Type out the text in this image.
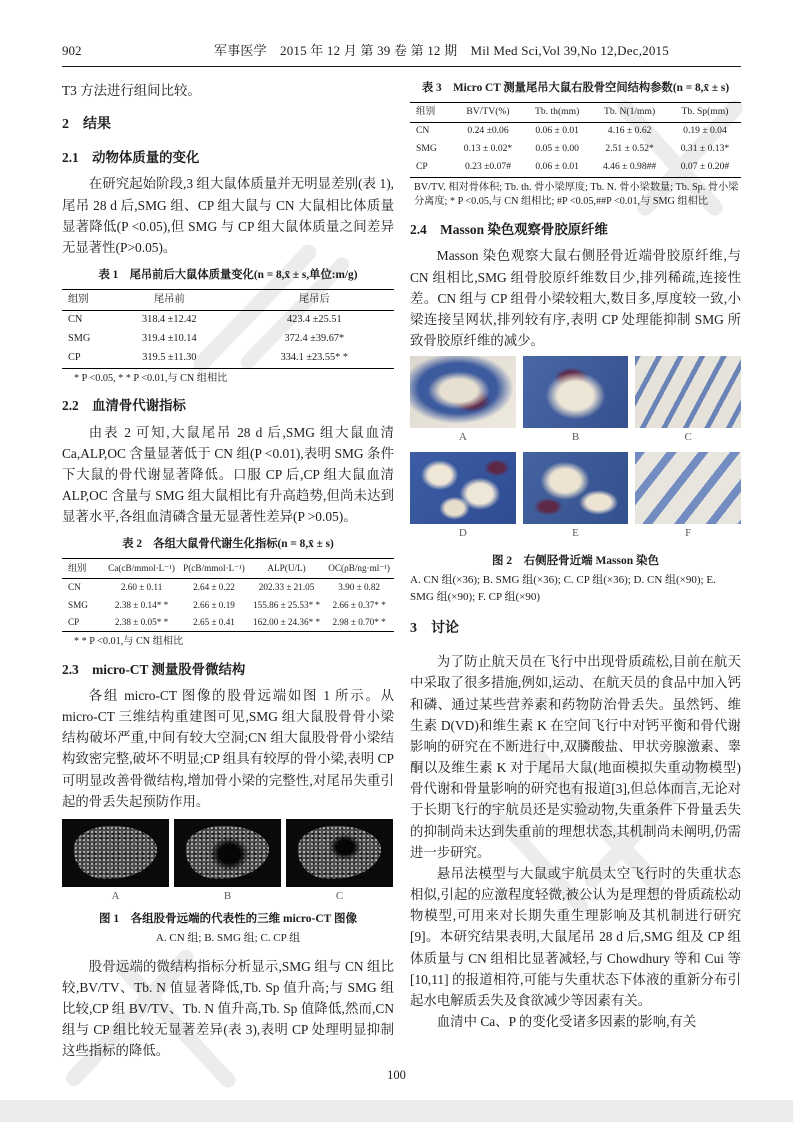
902	军事医学　2015 年 12 月 第 39 卷 第 12 期　Mil Med Sci,Vol 39,No 12,Dec,2015

T3 方法进行组间比较。

2　结果
2.1　动物体质量的变化

在研究起始阶段,3 组大鼠体质量并无明显差别(表 1),尾吊 28 d 后,SMG 组、CP 组大鼠与 CN 大鼠相比体质量显著降低(P <0.05),但 SMG 与 CP 组大鼠体质量之间差异无显著性(P>0.05)。

表 1　尾吊前后大鼠体质量变化(n = 8,x̄ ± s,单位:m/g)
组别	尾吊前	尾吊后
CN	318.4 ±12.42	423.4 ±25.51
SMG	319.4 ±10.14	372.4 ±39.67*
CP	319.5 ±11.30	334.1 ±23.55* *
* P <0.05, * * P <0.01,与 CN 组相比
2.2　血清骨代谢指标

由表 2 可知,大鼠尾吊 28 d 后,SMG 组大鼠血清 Ca,ALP,OC 含量显著低于 CN 组(P <0.01),表明 SMG 条件下大鼠的骨代谢显著降低。口服 CP 后,CP 组大鼠血清 ALP,OC 含量与 SMG 组大鼠相比有升高趋势,但尚未达到显著水平,各组血清磷含量无显著性差异(P >0.05)。

表 2　各组大鼠骨代谢生化指标(n = 8,x̄ ± s)
组别	Ca(cB/mmol·L⁻¹)	P(cB/mmol·L⁻¹)	ALP(U/L)	OC(ρB/ng·ml⁻¹)
CN	2.60 ± 0.11	2.64 ± 0.22	202.33 ± 21.05	3.90 ± 0.82
SMG	2.38 ± 0.14* *	2.66 ± 0.19	155.86 ± 25.53* *	2.66 ± 0.37* *
CP	2.38 ± 0.05* *	2.65 ± 0.41	162.00 ± 24.36* *	2.98 ± 0.70* *
* * P <0.01,与 CN 组相比
2.3　micro-CT 测量股骨微结构

各组 micro-CT 图像的股骨远端如图 1 所示。从 micro-CT 三维结构重建图可见,SMG 组大鼠股骨骨小梁结构破坏严重,中间有较大空洞;CN 组大鼠股骨骨小梁结构致密完整,破坏不明显;CP 组具有较厚的骨小梁,表明 CP 可明显改善骨微结构,增加骨小梁的完整性,对尾吊失重引起的骨丢失起预防作用。

A	B	C
图 1　各组股骨远端的代表性的三维 micro-CT 图像
A. CN 组; B. SMG 组; C. CP 组

股骨远端的微结构指标分析显示,SMG 组与 CN 组比较,BV/TV、Tb. N 值显著降低,Tb. Sp 值升高;与 SMG 组比较,CP 组 BV/TV、Tb. N 值升高,Tb. Sp 值降低,然而,CN 组与 CP 组比较无显著差异(表 3),表明 CP 处理明显抑制这些指标的降低。

表 3　Micro CT 测量尾吊大鼠右股骨空间结构参数(n = 8,x̄ ± s)
组别	BV/TV(%)	Tb. th(mm)	Tb. N(1/mm)	Tb. Sp(mm)
CN	0.24 ±0.06	0.06 ± 0.01	4.16 ± 0.62	0.19 ± 0.04
SMG	0.13 ± 0.02*	0.05 ± 0.00	2.51 ± 0.52*	0.31 ± 0.13*
CP	0.23 ±0.07#	0.06 ± 0.01	4.46 ± 0.98##	0.07 ± 0.20#
BV/TV. 相对骨体积; Tb. th. 骨小梁厚度; Tb. N. 骨小梁数量; Tb. Sp. 骨小梁分离度; * P <0.05,与 CN 组相比; #P <0.05,##P <0.01,与 SMG 组相比
2.4　Masson 染色观察骨胶原纤维

Masson 染色观察大鼠右侧胫骨近端骨胶原纤维,与 CN 组相比,SMG 组骨胶原纤维数目少,排列稀疏,连接性差。CN 组与 CP 组骨小梁较粗大,数目多,厚度较一致,小梁连接呈网状,排列较有序,表明 CP 处理能抑制 SMG 所致骨胶原纤维的减少。

A	B	C
D	E	F
图 2　右侧胫骨近端 Masson 染色
A. CN 组(×36); B. SMG 组(×36); C. CP 组(×36); D. CN 组(×90); E. SMG 组(×90); F. CP 组(×90)
3　讨论

为了防止航天员在飞行中出现骨质疏松,目前在航天中采取了很多措施,例如,运动、在航天员的食品中加入钙和磷、通过某些营养素和药物防治骨丢失。虽然钙、维生素 D(VD)和维生素 K 在空间飞行中对钙平衡和骨代谢影响的研究在不断进行中,双膦酸盐、甲状旁腺激素、睾酮以及维生素 K 对于尾吊大鼠(地面模拟失重动物模型)骨代谢和骨量影响的研究也有报道[3],但总体而言,无论对于长期飞行的宇航员还是实验动物,失重条件下骨量丢失的抑制尚未达到失重前的理想状态,其机制尚未阐明,仍需进一步研究。

悬吊法模型与大鼠或宇航员太空飞行时的失重状态相似,引起的应激程度轻微,被公认为是理想的骨质疏松动物模型,可用来对长期失重生理影响及其机制进行研究[9]。本研究结果表明,大鼠尾吊 28 d 后,SMG 组及 CP 组体质量与 CN 组相比显著减轻,与 Chowdhury 等和 Cui 等[10,11] 的报道相符,可能与失重状态下体液的重新分布引起水电解质丢失及食欲减少等因素有关。

血清中 Ca、P 的变化受诸多因素的影响,有关

100
